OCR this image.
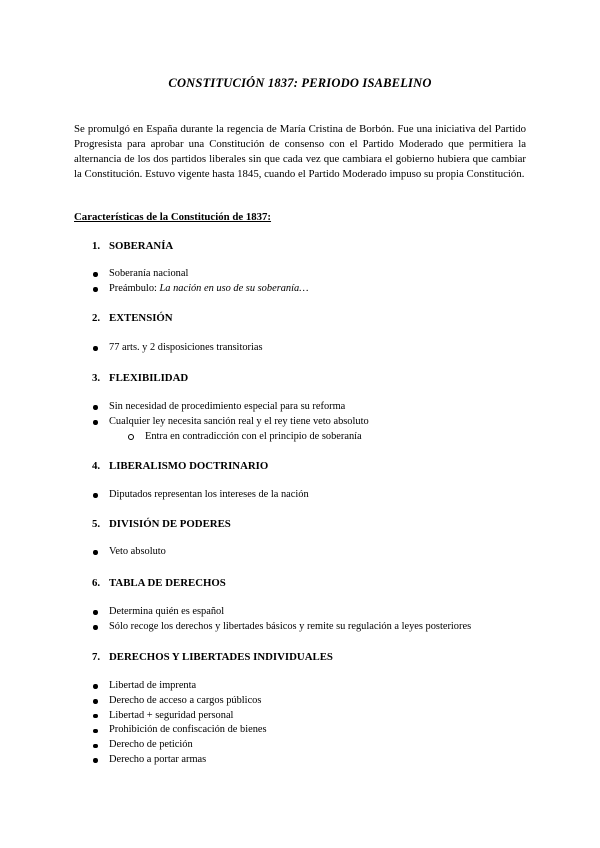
CONSTITUCIÓN 1837: PERIODO ISABELINO
Se promulgó en España durante la regencia de María Cristina de Borbón. Fue una iniciativa del Partido Progresista para aprobar una Constitución de consenso con el Partido Moderado que permitiera la alternancia de los dos partidos liberales sin que cada vez que cambiara el gobierno hubiera que cambiar la Constitución. Estuvo vigente hasta 1845, cuando el Partido Moderado impuso su propia Constitución.
Características de la Constitución de 1837:
1. SOBERANÍA
Soberanía nacional
Preámbulo: La nación en uso de su soberanía…
2. EXTENSIÓN
77 arts. y 2 disposiciones transitorias
3. FLEXIBILIDAD
Sin necesidad de procedimiento especial para su reforma
Cualquier ley necesita sanción real y el rey tiene veto absoluto
Entra en contradicción con el principio de soberanía
4. LIBERALISMO DOCTRINARIO
Diputados representan los intereses de la nación
5. DIVISIÓN DE PODERES
Veto absoluto
6. TABLA DE DERECHOS
Determina quién es español
Sólo recoge los derechos y libertades básicos y remite su regulación a leyes posteriores
7. DERECHOS Y LIBERTADES INDIVIDUALES
Libertad de imprenta
Derecho de acceso a cargos públicos
Libertad + seguridad personal
Prohibición de confiscación de bienes
Derecho de petición
Derecho a portar armas
